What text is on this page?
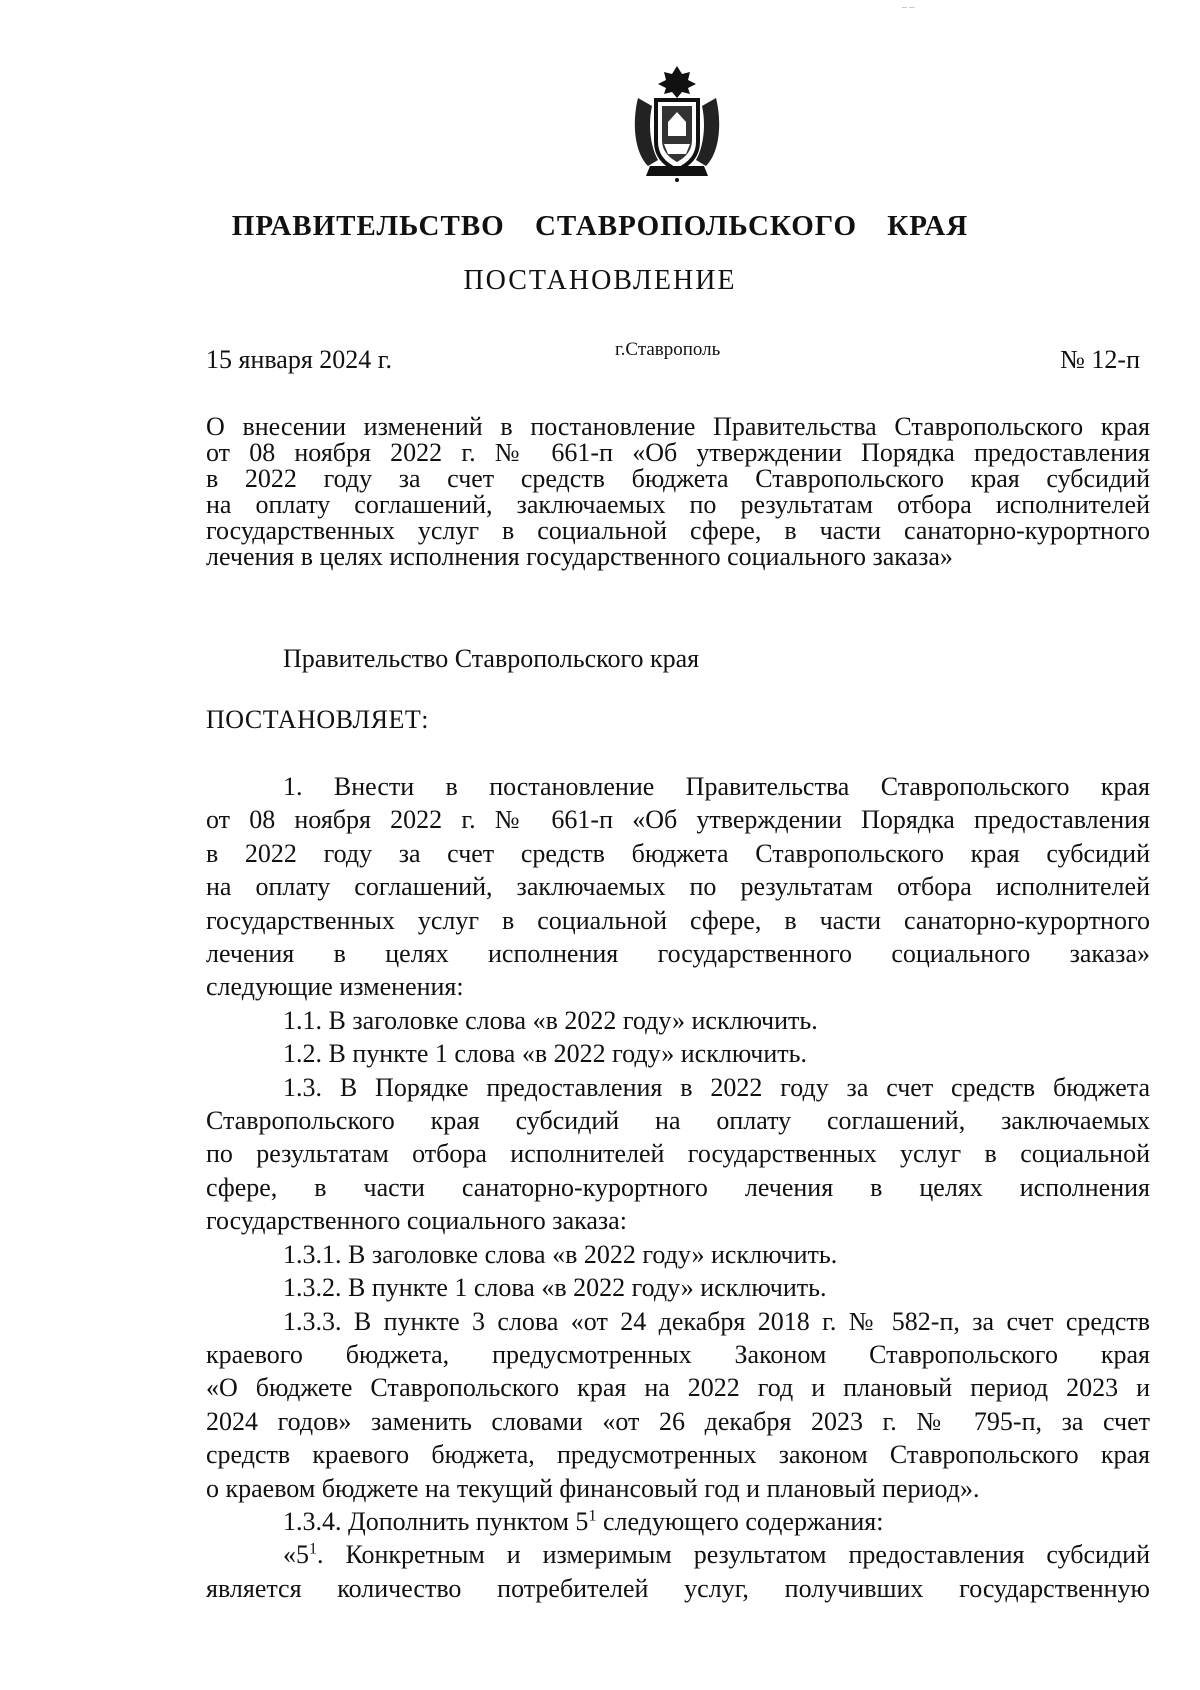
‒ ‒
ПРАВИТЕЛЬСТВО СТАВРОПОЛЬСКОГО КРАЯ
ПОСТАНОВЛЕНИЕ
15 января 2024 г.	г.Ставрополь	№ 12-п
О внесении изменений в постановление Правительства Ставропольского края
от 08 ноября 2022 г. № 661-п «Об утверждении Порядка предоставления
в 2022 году за счет средств бюджета Ставропольского края субсидий
на оплату соглашений, заключаемых по результатам отбора исполнителей
государственных услуг в социальной сфере, в части санаторно-курортного
лечения в целях исполнения государственного социального заказа»
Правительство Ставропольского края
ПОСТАНОВЛЯЕТ:
1. Внести в постановление Правительства Ставропольского края
от 08 ноября 2022 г. № 661-п «Об утверждении Порядка предоставления
в 2022 году за счет средств бюджета Ставропольского края субсидий
на оплату соглашений, заключаемых по результатам отбора исполнителей
государственных услуг в социальной сфере, в части санаторно-курортного
лечения в целях исполнения государственного социального заказа»
следующие изменения:
1.1. В заголовке слова «в 2022 году» исключить.
1.2. В пункте 1 слова «в 2022 году» исключить.
1.3. В Порядке предоставления в 2022 году за счет средств бюджета
Ставропольского края субсидий на оплату соглашений, заключаемых
по результатам отбора исполнителей государственных услуг в социальной
сфере, в части санаторно-курортного лечения в целях исполнения
государственного социального заказа:
1.3.1. В заголовке слова «в 2022 году» исключить.
1.3.2. В пункте 1 слова «в 2022 году» исключить.
1.3.3. В пункте 3 слова «от 24 декабря 2018 г. № 582-п, за счет средств
краевого бюджета, предусмотренных Законом Ставропольского края
«О бюджете Ставропольского края на 2022 год и плановый период 2023 и
2024 годов» заменить словами «от 26 декабря 2023 г. № 795-п, за счет
средств краевого бюджета, предусмотренных законом Ставропольского края
о краевом бюджете на текущий финансовый год и плановый период».
1.3.4. Дополнить пунктом $5^1$ следующего содержания:
«$5^1$. Конкретным и измеримым результатом предоставления субсидий
является количество потребителей услуг, получивших государственную
